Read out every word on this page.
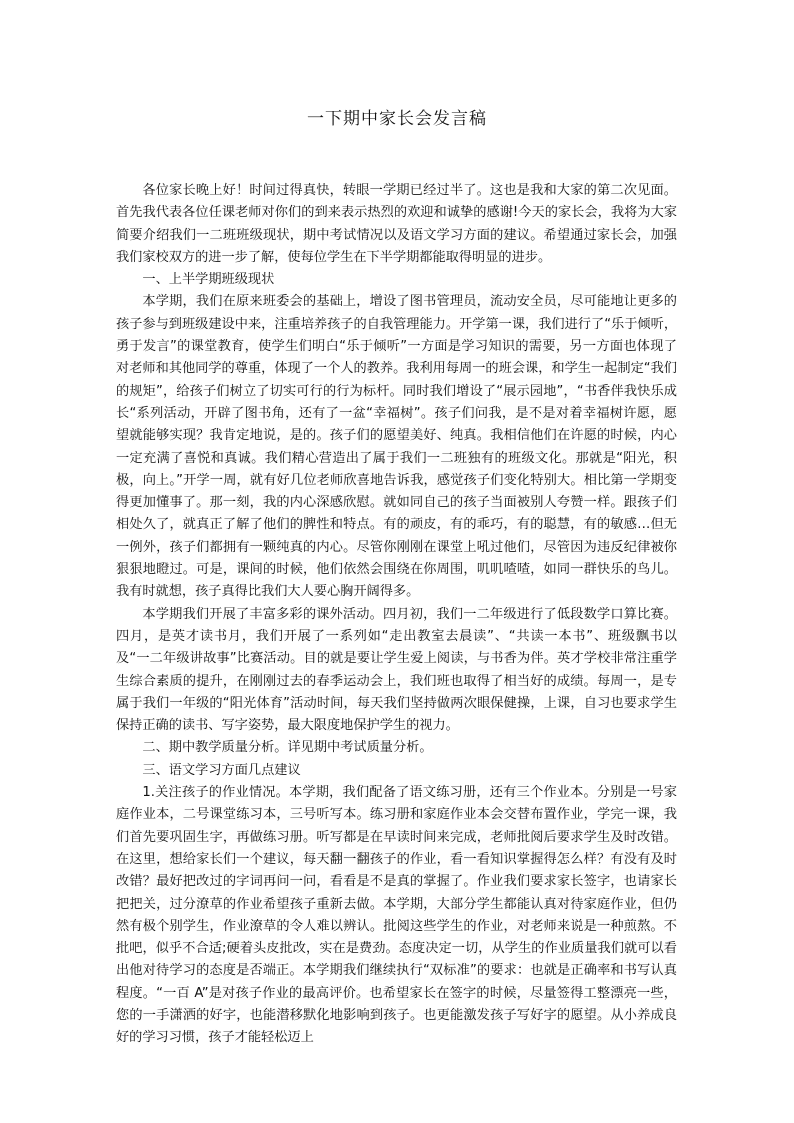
一下期中家长会发言稿

各位家长晚上好！时间过得真快，转眼一学期已经过半了。这也是我和大家的第二次见面。首先我代表各位任课老师对你们的到来表示热烈的欢迎和诚挚的感谢!今天的家长会，我将为大家简要介绍我们一二班班级现状，期中考试情况以及语文学习方面的建议。希望通过家长会，加强我们家校双方的进一步了解，使每位学生在下半学期都能取得明显的进步。

一、上半学期班级现状

本学期，我们在原来班委会的基础上，增设了图书管理员，流动安全员，尽可能地让更多的孩子参与到班级建设中来，注重培养孩子的自我管理能力。开学第一课，我们进行了“乐于倾听，勇于发言”的课堂教育，使学生们明白“乐于倾听”一方面是学习知识的需要，另一方面也体现了对老师和其他同学的尊重，体现了一个人的教养。我利用每周一的班会课，和学生一起制定“我们的规矩”，给孩子们树立了切实可行的行为标杆。同时我们增设了“展示园地”，“书香伴我快乐成长“系列活动，开辟了图书角，还有了一盆“幸福树”。孩子们问我，是不是对着幸福树许愿，愿望就能够实现？我肯定地说，是的。孩子们的愿望美好、纯真。我相信他们在许愿的时候，内心一定充满了喜悦和真诚。我们精心营造出了属于我们一二班独有的班级文化。那就是“阳光，积极，向上。”开学一周，就有好几位老师欣喜地告诉我，感觉孩子们变化特别大。相比第一学期变得更加懂事了。那一刻，我的内心深感欣慰。就如同自己的孩子当面被别人夸赞一样。跟孩子们相处久了，就真正了解了他们的脾性和特点。有的顽皮，有的乖巧，有的聪慧，有的敏感…但无一例外，孩子们都拥有一颗纯真的内心。尽管你刚刚在课堂上吼过他们，尽管因为违反纪律被你狠狠地瞪过。可是，课间的时候，他们依然会围绕在你周围，叽叽喳喳，如同一群快乐的鸟儿。我有时就想，孩子真得比我们大人要心胸开阔得多。

本学期我们开展了丰富多彩的课外活动。四月初，我们一二年级进行了低段数学口算比赛。四月，是英才读书月，我们开展了一系列如“走出教室去晨读”、“共读一本书”、班级飘书以及“一二年级讲故事”比赛活动。目的就是要让学生爱上阅读，与书香为伴。英才学校非常注重学生综合素质的提升，在刚刚过去的春季运动会上，我们班也取得了相当好的成绩。每周一，是专属于我们一年级的“阳光体育”活动时间，每天我们坚持做两次眼保健操，上课，自习也要求学生保持正确的读书、写字姿势，最大限度地保护学生的视力。

二、期中教学质量分析。详见期中考试质量分析。

三、语文学习方面几点建议

1.关注孩子的作业情况。本学期，我们配备了语文练习册，还有三个作业本。分别是一号家庭作业本，二号课堂练习本，三号听写本。练习册和家庭作业本会交替布置作业，学完一课，我们首先要巩固生字，再做练习册。听写都是在早读时间来完成，老师批阅后要求学生及时改错。在这里，想给家长们一个建议，每天翻一翻孩子的作业，看一看知识掌握得怎么样？有没有及时改错？最好把改过的字词再问一问，看看是不是真的掌握了。作业我们要求家长签字，也请家长把把关，过分潦草的作业希望孩子重新去做。本学期，大部分学生都能认真对待家庭作业，但仍然有极个别学生，作业潦草的令人难以辨认。批阅这些学生的作业，对老师来说是一种煎熬。不批吧，似乎不合适;硬着头皮批改，实在是费劲。态度决定一切，从学生的作业质量我们就可以看出他对待学习的态度是否端正。本学期我们继续执行“双标准”的要求：也就是正确率和书写认真程度。“一百 A”是对孩子作业的最高评价。也希望家长在签字的时候，尽量签得工整漂亮一些，您的一手潇洒的好字，也能潜移默化地影响到孩子。也更能激发孩子写好字的愿望。从小养成良好的学习习惯，孩子才能轻松迈上
